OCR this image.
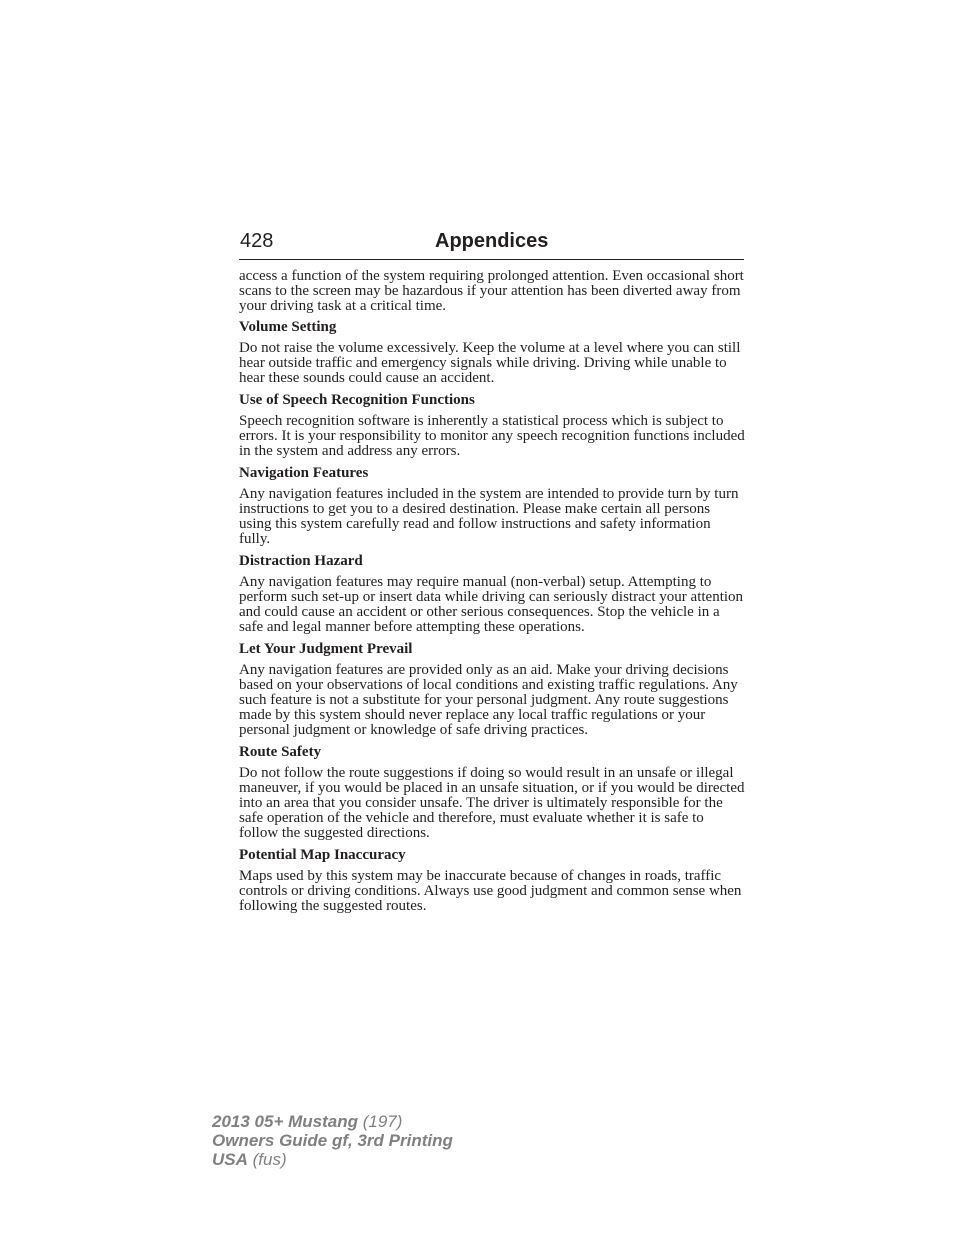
428	Appendices

access a function of the system requiring prolonged attention. Even occasional short scans to the screen may be hazardous if your attention has been diverted away from your driving task at a critical time.

Volume Setting

Do not raise the volume excessively. Keep the volume at a level where you can still hear outside traffic and emergency signals while driving. Driving while unable to hear these sounds could cause an accident.

Use of Speech Recognition Functions

Speech recognition software is inherently a statistical process which is subject to errors. It is your responsibility to monitor any speech recognition functions included in the system and address any errors.

Navigation Features

Any navigation features included in the system are intended to provide turn by turn instructions to get you to a desired destination. Please make certain all persons using this system carefully read and follow instructions and safety information fully.

Distraction Hazard

Any navigation features may require manual (non-verbal) setup. Attempting to perform such set-up or insert data while driving can seriously distract your attention and could cause an accident or other serious consequences. Stop the vehicle in a safe and legal manner before attempting these operations.

Let Your Judgment Prevail

Any navigation features are provided only as an aid. Make your driving decisions based on your observations of local conditions and existing traffic regulations. Any such feature is not a substitute for your personal judgment. Any route suggestions made by this system should never replace any local traffic regulations or your personal judgment or knowledge of safe driving practices.

Route Safety

Do not follow the route suggestions if doing so would result in an unsafe or illegal maneuver, if you would be placed in an unsafe situation, or if you would be directed into an area that you consider unsafe. The driver is ultimately responsible for the safe operation of the vehicle and therefore, must evaluate whether it is safe to follow the suggested directions.

Potential Map Inaccuracy

Maps used by this system may be inaccurate because of changes in roads, traffic controls or driving conditions. Always use good judgment and common sense when following the suggested routes.

2013 05+ Mustang (197)
Owners Guide gf, 3rd Printing
USA (fus)
